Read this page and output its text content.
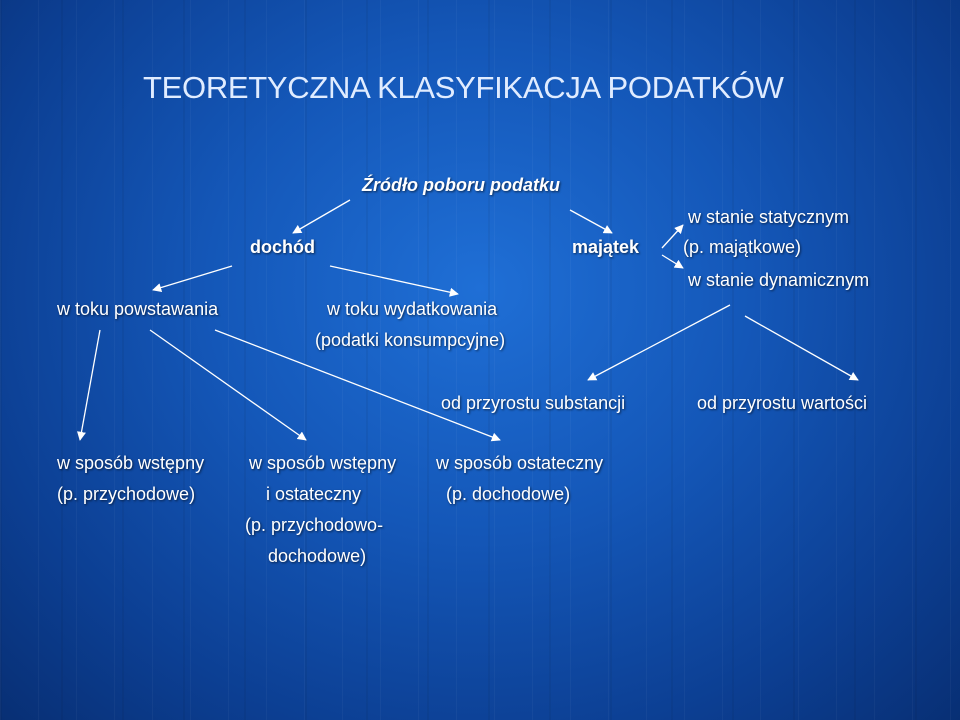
TEORETYCZNA KLASYFIKACJA PODATKÓW
Źródło poboru podatku
dochód	majątek
w stanie statycznym
(p. majątkowe)
w stanie dynamicznym
w toku powstawania	w toku wydatkowania
(podatki konsumpcyjne)
od przyrostu substancji	od przyrostu wartości
w sposób wstępny
(p. przychodowe)
w sposób wstępny
i ostateczny
(p. przychodowo-
dochodowe)
w sposób ostateczny
(p. dochodowe)
